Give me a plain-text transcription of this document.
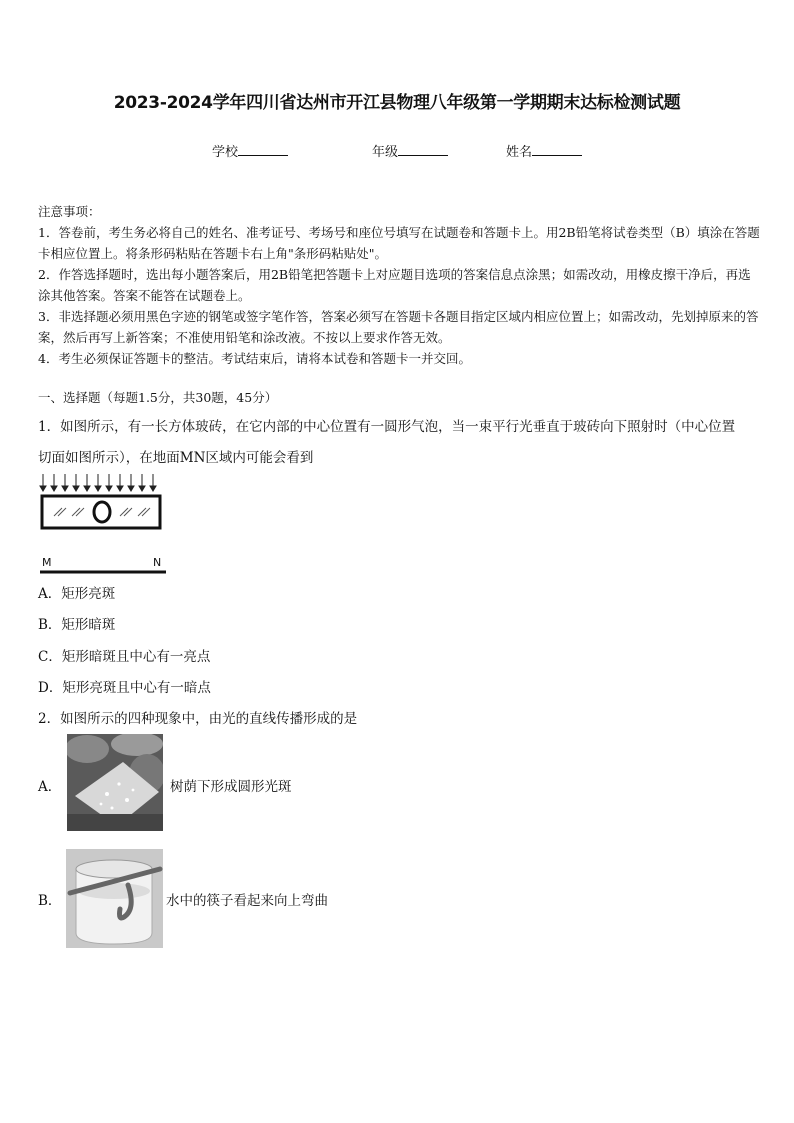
2023-2024学年四川省达州市开江县物理八年级第一学期期末达标检测试题
学校	年级	姓名
注意事项：
1．答卷前，考生务必将自己的姓名、准考证号、考场号和座位号填写在试题卷和答题卡上。用2B铅笔将试卷类型（B）填涂在答题卡相应位置上。将条形码粘贴在答题卡右上角"条形码粘贴处"。
2．作答选择题时，选出每小题答案后，用2B铅笔把答题卡上对应题目选项的答案信息点涂黑；如需改动，用橡皮擦干净后，再选涂其他答案。答案不能答在试题卷上。
3．非选择题必须用黑色字迹的钢笔或签字笔作答，答案必须写在答题卡各题目指定区域内相应位置上；如需改动，先划掉原来的答案，然后再写上新答案；不准使用铅笔和涂改液。不按以上要求作答无效。
4．考生必须保证答题卡的整洁。考试结束后，请将本试卷和答题卡一并交回。
一、选择题（每题1.5分，共30题，45分）
1．如图所示，有一长方体玻砖，在它内部的中心位置有一圆形气泡，当一束平行光垂直于玻砖向下照射时（中心位置
切面如图所示），在地面MN区域内可能会看到
M	N
A．矩形亮斑
B．矩形暗斑
C．矩形暗斑且中心有一亮点
D．矩形亮斑且中心有一暗点
2．如图所示的四种现象中，由光的直线传播形成的是
A．	树荫下形成圆形光斑
B．	水中的筷子看起来向上弯曲
